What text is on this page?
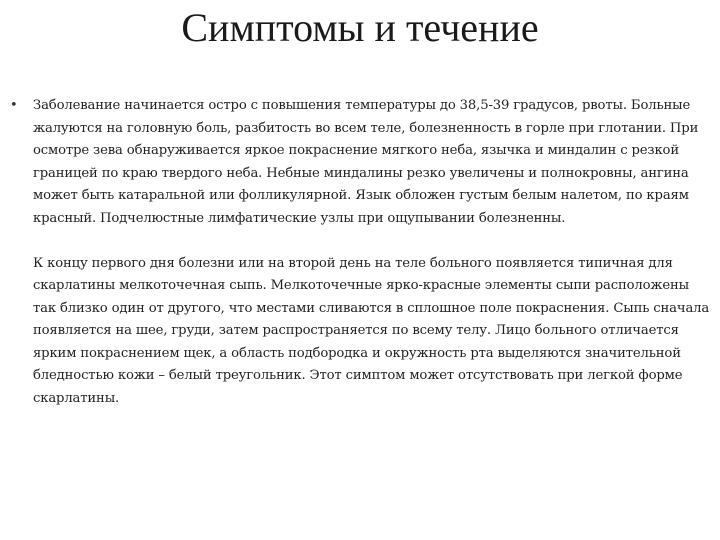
Симптомы и течение
• Заболевание начинается остро с повышения температуры до 38,5-39 градусов, рвоты. Больные жалуются на головную боль, разбитость во всем теле, болезненность в горле при глотании. При осмотре зева обнаруживается яркое покраснение мягкого неба, язычка и миндалин с резкой границей по краю твердого неба. Небные миндалины резко увеличены и полнокровны, ангина может быть катаральной или фолликулярной. Язык обложен густым белым налетом, по краям красный. Подчелюстные лимфатические узлы при ощупывании болезненны.

К концу первого дня болезни или на второй день на теле больного появляется типичная для скарлатины мелкоточечная сыпь. Мелкоточечные ярко-красные элементы сыпи расположены так близко один от другого, что местами сливаются в сплошное поле покраснения. Сыпь сначала появляется на шее, груди, затем распространяется по всему телу. Лицо больного отличается ярким покраснением щек, а область подбородка и окружность рта выделяются значительной бледностью кожи – белый треугольник. Этот симптом может отсутствовать при легкой форме скарлатины.
